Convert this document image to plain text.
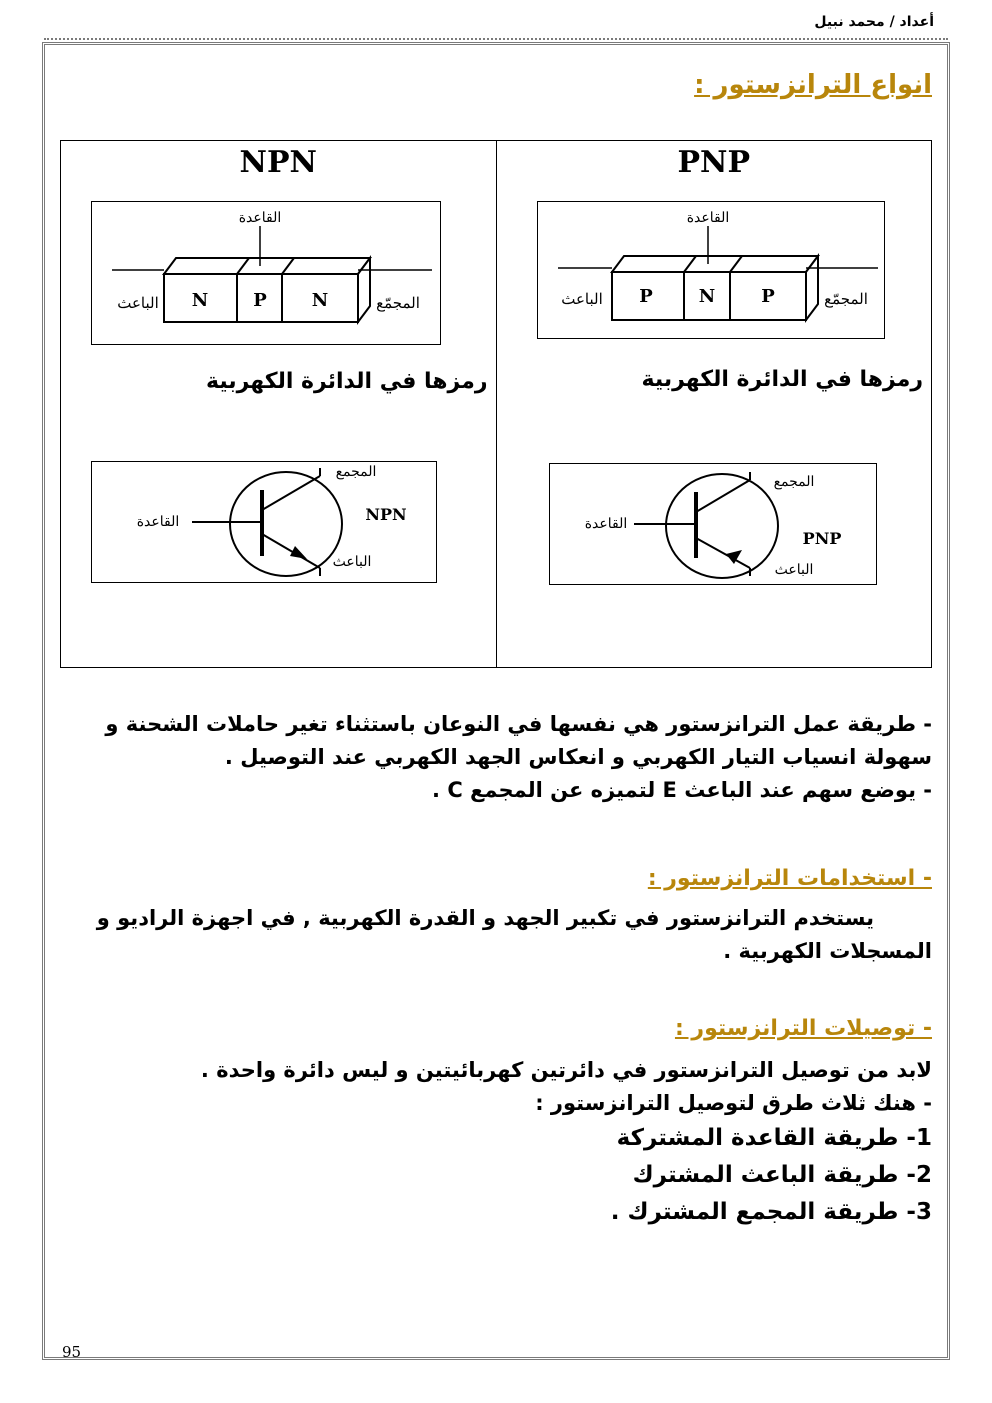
أعداد / محمد نبيل
انواع الترانزستور :
NPN
N	P	N
القاعدة
الباعث	المجمّع
رمزها في الدائرة الكهربية
المجمع
القاعدة
الباعث
NPN

PNP
P	N	P
القاعدة
الباعث	المجمّع
رمزها في الدائرة الكهربية
المجمع
القاعدة
الباعث
PNP
- طريقة عمل الترانزستور هي نفسها في النوعان باستثناء تغير حاملات الشحنة و
سهولة انسياب التيار الكهربي و انعكاس الجهد الكهربي عند التوصيل .
- يوضع سهم عند الباعث E لتميزه عن المجمع C .
- استخدامات الترانزستور :
يستخدم الترانزستور في تكبير الجهد و القدرة الكهربية , في اجهزة الراديو و
المسجلات الكهربية .
- توصيلات الترانزستور :
لابد من توصيل الترانزستور في دائرتين كهربائيتين و ليس دائرة واحدة .
- هنك ثلاث طرق لتوصيل الترانزستور :
1- طريقة القاعدة المشتركة
2- طريقة الباعث المشترك
3- طريقة المجمع المشترك .
95
